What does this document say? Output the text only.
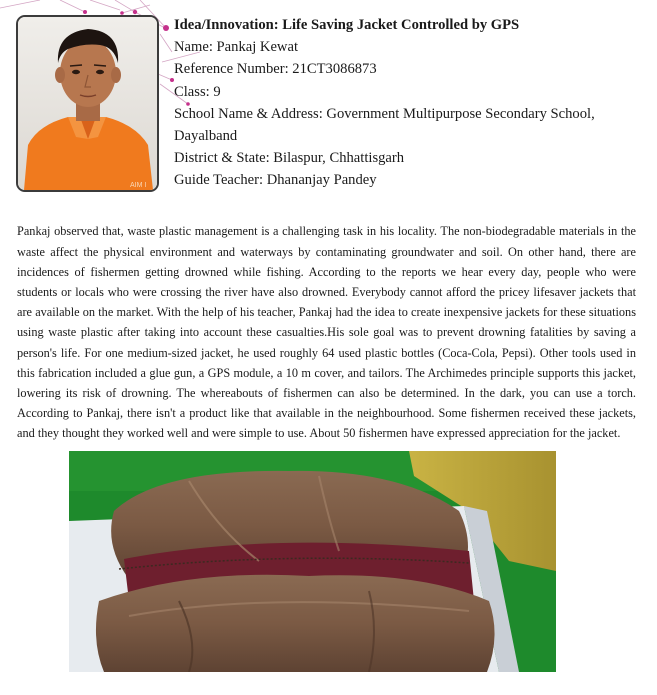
AIM I
Idea/Innovation: Life Saving Jacket Controlled by GPS
Name: Pankaj Kewat
Reference Number: 21CT3086873
Class: 9
School Name & Address: Government Multipurpose Secondary School,
Dayalband
District & State: Bilaspur, Chhattisgarh
Guide Teacher: Dhananjay Pandey

Pankaj observed that, waste plastic management is a challenging task in his locality. The non-biodegradable materials in the waste affect the physical environment and waterways by contaminating groundwater and soil. On other hand, there are incidences of fishermen getting drowned while fishing. According to the reports we hear every day, people who were students or locals who were crossing the river have also drowned. Everybody cannot afford the pricey lifesaver jackets that are available on the market. With the help of his teacher, Pankaj had the idea to create inexpensive jackets for these situations using waste plastic after taking into account these casualties.His sole goal was to prevent drowning fatalities by saving a person's life. For one medium-sized jacket, he used roughly 64 used plastic bottles (Coca-Cola, Pepsi). Other tools used in this fabrication included a glue gun, a GPS module, a 10 m cover, and tailors. The Archimedes principle supports this jacket, lowering its risk of drowning. The whereabouts of fishermen can also be determined. In the dark, you can use a torch. According to Pankaj, there isn't a product like that available in the neighbourhood. Some fishermen received these jackets, and they thought they worked well and were simple to use. About 50 fishermen have expressed appreciation for the jacket.
